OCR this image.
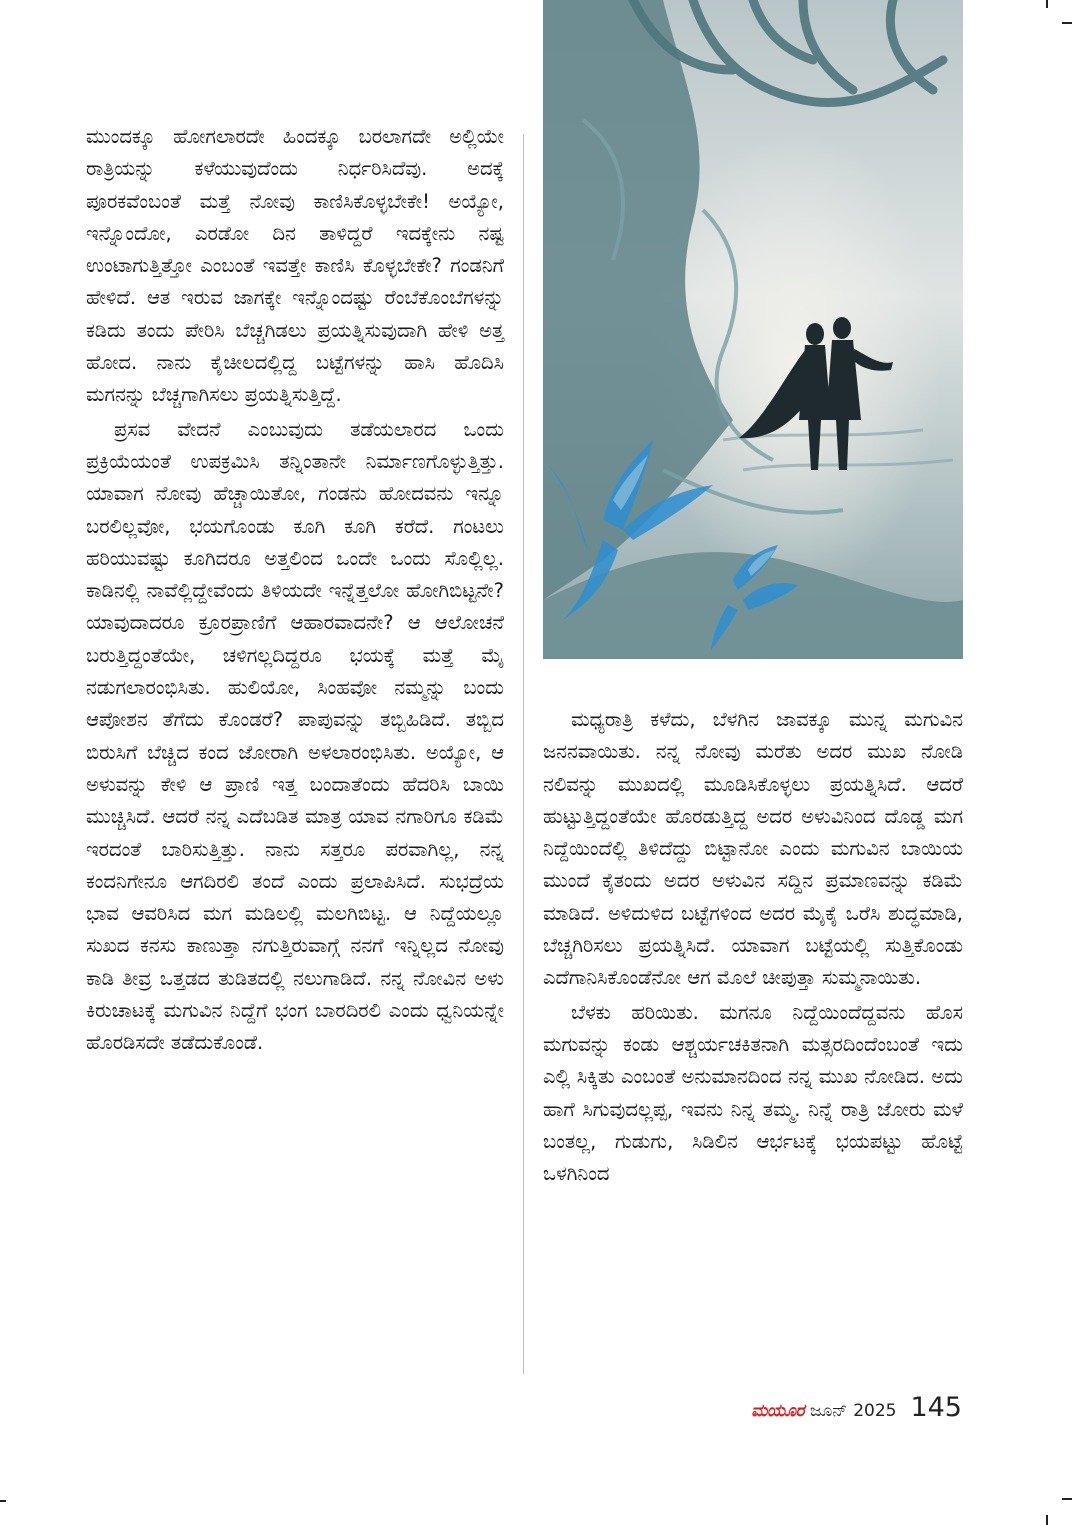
ಮುಂದಕ್ಕೂ ಹೋಗಲಾರದೇ ಹಿಂದಕ್ಕೂ ಬರಲಾಗದೇ ಅಲ್ಲಿಯೇ ರಾತ್ರಿಯನ್ನು ಕಳೆಯುವುದೆಂದು ನಿರ್ಧರಿಸಿದೆವು. ಅದಕ್ಕೆ ಪೂರಕವೆಂಬಂತೆ ಮತ್ತೆ ನೋವು ಕಾಣಿಸಿಕೊಳ್ಳಬೇಕೇ! ಅಯ್ಯೋ, ಇನ್ನೊಂದೋ, ಎರಡೋ ದಿನ ತಾಳಿದ್ದರೆ ಇದಕ್ಕೇನು ನಷ್ಟ ಉಂಟಾಗುತ್ತಿತ್ತೋ ಎಂಬಂತೆ ಇವತ್ತೇ ಕಾಣಿಸಿ ಕೊಳ್ಳಬೇಕೇ? ಗಂಡನಿಗೆ ಹೇಳಿದೆ. ಆತ ಇರುವ ಜಾಗಕ್ಕೇ ಇನ್ನೊಂದಷ್ಟು ರೆಂಬೆಕೊಂಬೆಗಳನ್ನು ಕಡಿದು ತಂದು ಪೇರಿಸಿ ಬೆಚ್ಚಗಿಡಲು ಪ್ರಯತ್ನಿಸುವುದಾಗಿ ಹೇಳಿ ಅತ್ತ ಹೋದ. ನಾನು ಕೈಚೀಲದಲ್ಲಿದ್ದ ಬಟ್ಟೆಗಳನ್ನು ಹಾಸಿ ಹೊದಿಸಿ ಮಗನನ್ನು ಬೆಚ್ಚಗಾಗಿಸಲು ಪ್ರಯತ್ನಿಸುತ್ತಿದ್ದೆ.

ಪ್ರಸವ ವೇದನೆ ಎಂಬುವುದು ತಡೆಯಲಾರದ ಒಂದು ಪ್ರಕ್ರಿಯೆಯಂತೆ ಉಪಕ್ರಮಿಸಿ ತನ್ನಿಂತಾನೇ ನಿರ್ಮಾಣಗೊಳ್ಳುತ್ತಿತ್ತು. ಯಾವಾಗ ನೋವು ಹೆಚ್ಚಾಯಿತೋ, ಗಂಡನು ಹೋದವನು ಇನ್ನೂ ಬರಲಿಲ್ಲವೋ, ಭಯಗೊಂಡು ಕೂಗಿ ಕೂಗಿ ಕರೆದೆ. ಗಂಟಲು ಹರಿಯುವಷ್ಟು ಕೂಗಿದರೂ ಅತ್ತಲಿಂದ ಒಂದೇ ಒಂದು ಸೊಲ್ಲಿಲ್ಲ. ಕಾಡಿನಲ್ಲಿ ನಾವೆಲ್ಲಿದ್ದೇವೆಂದು ತಿಳಿಯದೇ ಇನ್ನೆತ್ತಲೋ ಹೋಗಿಬಿಟ್ಟನೇ? ಯಾವುದಾದರೂ ಕ್ರೂರಪ್ರಾಣಿಗೆ ಆಹಾರವಾದನೇ? ಆ ಆಲೋಚನೆ ಬರುತ್ತಿದ್ದಂತೆಯೇ, ಚಳಿಗಲ್ಲದಿದ್ದರೂ ಭಯಕ್ಕೆ ಮತ್ತೆ ಮೈ ನಡುಗಲಾರಂಭಿಸಿತು. ಹುಲಿಯೋ, ಸಿಂಹವೋ ನಮ್ಮನ್ನು ಬಂದು ಆಪೋಶನ ತೆಗೆದು ಕೊಂಡರೆ? ಪಾಪುವನ್ನು ತಬ್ಬಿಹಿಡಿದೆ. ತಬ್ಬಿದ ಬಿರುಸಿಗೆ ಬೆಚ್ಚಿದ ಕಂದ ಜೋರಾಗಿ ಅಳಲಾರಂಭಿಸಿತು. ಅಯ್ಯೋ, ಆ ಅಳುವನ್ನು ಕೇಳಿ ಆ ಪ್ರಾಣಿ ಇತ್ತ ಬಂದಾತೆಂದು ಹೆದರಿಸಿ ಬಾಯಿ ಮುಚ್ಚಿಸಿದೆ. ಆದರೆ ನನ್ನ ಎದೆಬಡಿತ ಮಾತ್ರ ಯಾವ ನಗಾರಿಗೂ ಕಡಿಮೆ ಇರದಂತೆ ಬಾರಿಸುತ್ತಿತ್ತು. ನಾನು ಸತ್ತರೂ ಪರವಾಗಿಲ್ಲ, ನನ್ನ ಕಂದನಿಗೇನೂ ಆಗದಿರಲಿ ತಂದೆ ಎಂದು ಪ್ರಲಾಪಿಸಿದೆ. ಸುಭದ್ರೆಯ ಭಾವ ಆವರಿಸಿದ ಮಗ ಮಡಿಲಲ್ಲಿ ಮಲಗಿಬಿಟ್ಟ. ಆ ನಿದ್ದೆಯಲ್ಲೂ ಸುಖದ ಕನಸು ಕಾಣುತ್ತಾ ನಗುತ್ತಿರುವಾಗ್ಗೆ ನನಗೆ ಇನ್ನಿಲ್ಲದ ನೋವು ಕಾಡಿ ತೀವ್ರ ಒತ್ತಡದ ತುಡಿತದಲ್ಲಿ ನಲುಗಾಡಿದೆ. ನನ್ನ ನೋವಿನ ಅಳು ಕಿರುಚಾಟಕ್ಕೆ ಮಗುವಿನ ನಿದ್ದೆಗೆ ಭಂಗ ಬಾರದಿರಲಿ ಎಂದು ಧ್ವನಿಯನ್ನೇ ಹೊರಡಿಸದೇ ತಡೆದುಕೊಂಡೆ.

ಮಧ್ಯರಾತ್ರಿ ಕಳೆದು, ಬೆಳಗಿನ ಜಾವಕ್ಕೂ ಮುನ್ನ ಮಗುವಿನ ಜನನವಾಯಿತು. ನನ್ನ ನೋವು ಮರೆತು ಅದರ ಮುಖ ನೋಡಿ ನಲಿವನ್ನು ಮುಖದಲ್ಲಿ ಮೂಡಿಸಿಕೊಳ್ಳಲು ಪ್ರಯತ್ನಿಸಿದೆ. ಆದರೆ ಹುಟ್ಟುತ್ತಿದ್ದಂತೆಯೇ ಹೊರಡುತ್ತಿದ್ದ ಅದರ ಅಳುವಿನಿಂದ ದೊಡ್ಡ ಮಗ ನಿದ್ದೆಯಿಂದೆಲ್ಲಿ ತಿಳಿದೆದ್ದು ಬಿಟ್ಟಾನೋ ಎಂದು ಮಗುವಿನ ಬಾಯಿಯ ಮುಂದೆ ಕೈತಂದು ಅದರ ಅಳುವಿನ ಸದ್ದಿನ ಪ್ರಮಾಣವನ್ನು ಕಡಿಮೆ ಮಾಡಿದೆ. ಅಳಿದುಳಿದ ಬಟ್ಟೆಗಳಿಂದ ಅದರ ಮೈಕೈ ಒರೆಸಿ ಶುದ್ಧಮಾಡಿ, ಬೆಚ್ಚಗಿರಿಸಲು ಪ್ರಯತ್ನಿಸಿದೆ. ಯಾವಾಗ ಬಟ್ಟೆಯಲ್ಲಿ ಸುತ್ತಿಕೊಂಡು ಎದೆಗಾನಿಸಿಕೊಂಡೆನೋ ಆಗ ಮೊಲೆ ಚೀಪುತ್ತಾ ಸುಮ್ಮನಾಯಿತು.

ಬೆಳಕು ಹರಿಯಿತು. ಮಗನೂ ನಿದ್ದೆಯಿಂದೆದ್ದವನು ಹೊಸ ಮಗುವನ್ನು ಕಂಡು ಆಶ್ಚರ್ಯಚಕಿತನಾಗಿ ಮತ್ಸರದಿಂದೆಂಬಂತೆ ಇದು ಎಲ್ಲಿ ಸಿಕ್ಕಿತು ಎಂಬಂತೆ ಅನುಮಾನದಿಂದ ನನ್ನ ಮುಖ ನೋಡಿದ. ಅದು ಹಾಗೆ ಸಿಗುವುದಲ್ಲಪ್ಪ, ಇವನು ನಿನ್ನ ತಮ್ಮ. ನಿನ್ನೆ ರಾತ್ರಿ ಜೋರು ಮಳೆ ಬಂತಲ್ಲ, ಗುಡುಗು, ಸಿಡಿಲಿನ ಆರ್ಭಟಕ್ಕೆ ಭಯಪಟ್ಟು ಹೊಟ್ಟೆ ಒಳಗಿನಿಂದ

ಮಯೂರ ಜೂನ್ 2025 145
